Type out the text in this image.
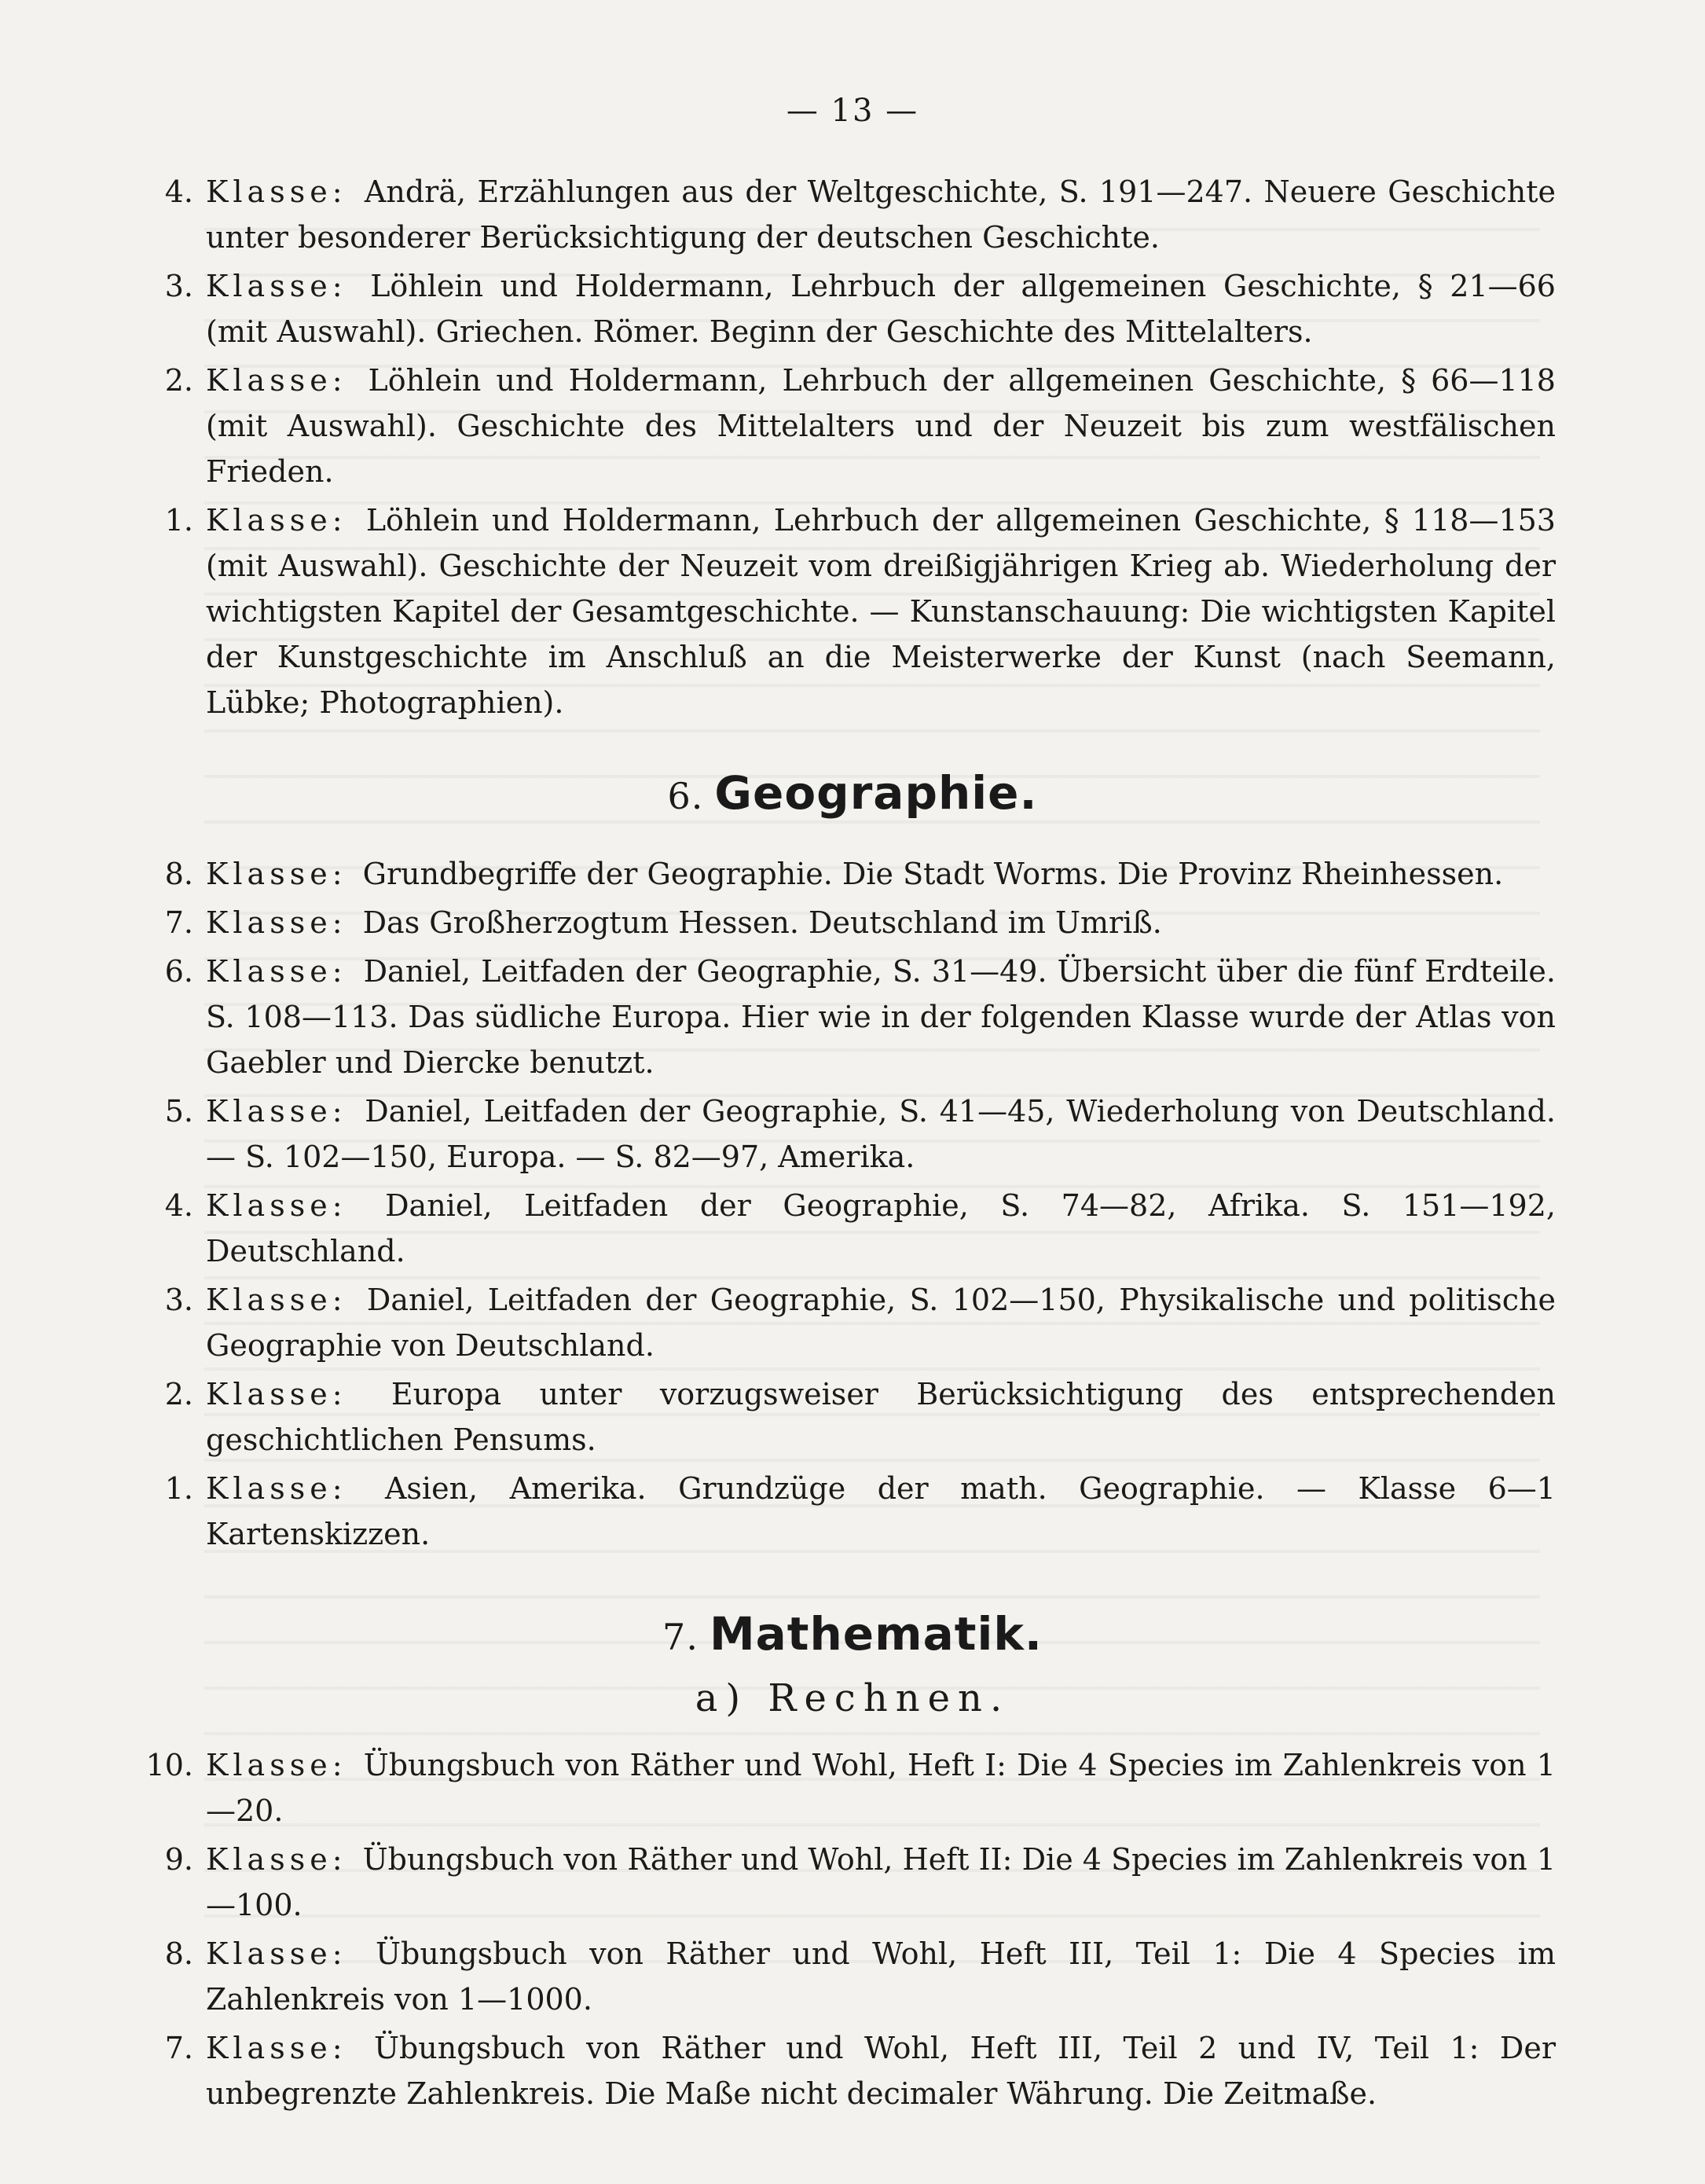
— 13 —
4. Klasse: Andrä, Erzählungen aus der Weltgeschichte, S. 191—247. Neuere Geschichte unter besonderer Berücksichtigung der deutschen Geschichte.
3. Klasse: Löhlein und Holdermann, Lehrbuch der allgemeinen Geschichte, § 21—66 (mit Auswahl). Griechen. Römer. Beginn der Geschichte des Mittelalters.
2. Klasse: Löhlein und Holdermann, Lehrbuch der allgemeinen Geschichte, § 66—118 (mit Auswahl). Geschichte des Mittelalters und der Neuzeit bis zum westfälischen Frieden.
1. Klasse: Löhlein und Holdermann, Lehrbuch der allgemeinen Geschichte, § 118—153 (mit Auswahl). Geschichte der Neuzeit vom dreißigjährigen Krieg ab. Wiederholung der wichtigsten Kapitel der Gesamtgeschichte. — Kunstanschauung: Die wichtigsten Kapitel der Kunstgeschichte im Anschluß an die Meisterwerke der Kunst (nach Seemann, Lübke; Photographien).
6. Geographie.
8. Klasse: Grundbegriffe der Geographie. Die Stadt Worms. Die Provinz Rheinhessen.
7. Klasse: Das Großherzogtum Hessen. Deutschland im Umriß.
6. Klasse: Daniel, Leitfaden der Geographie, S. 31—49. Übersicht über die fünf Erdteile. S. 108—113. Das südliche Europa. Hier wie in der folgenden Klasse wurde der Atlas von Gaebler und Diercke benutzt.
5. Klasse: Daniel, Leitfaden der Geographie, S. 41—45, Wiederholung von Deutschland. — S. 102—150, Europa. — S. 82—97, Amerika.
4. Klasse: Daniel, Leitfaden der Geographie, S. 74—82, Afrika. S. 151—192, Deutschland.
3. Klasse: Daniel, Leitfaden der Geographie, S. 102—150, Physikalische und politische Geographie von Deutschland.
2. Klasse: Europa unter vorzugsweiser Berücksichtigung des entsprechenden geschichtlichen Pensums.
1. Klasse: Asien, Amerika. Grundzüge der math. Geographie. — Klasse 6—1 Kartenskizzen.
7. Mathematik.
a) Rechnen.
10. Klasse: Übungsbuch von Räther und Wohl, Heft I: Die 4 Species im Zahlenkreis von 1—20.
9. Klasse: Übungsbuch von Räther und Wohl, Heft II: Die 4 Species im Zahlenkreis von 1—100.
8. Klasse: Übungsbuch von Räther und Wohl, Heft III, Teil 1: Die 4 Species im Zahlenkreis von 1—1000.
7. Klasse: Übungsbuch von Räther und Wohl, Heft III, Teil 2 und IV, Teil 1: Der unbegrenzte Zahlenkreis. Die Maße nicht decimaler Währung. Die Zeitmaße.
